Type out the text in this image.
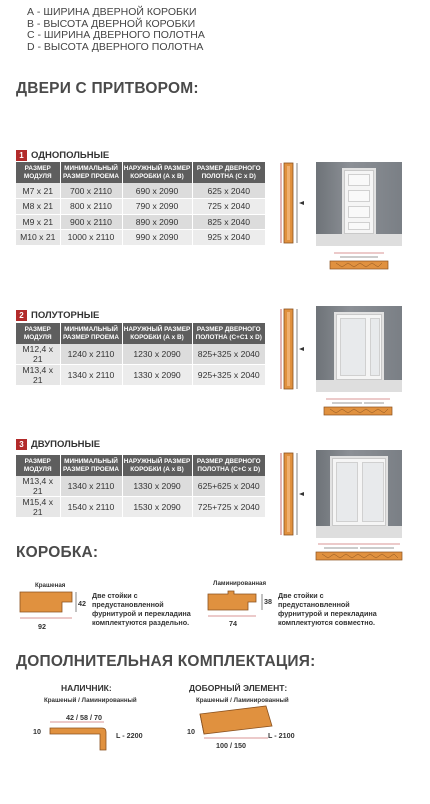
А - ШИРИНА ДВЕРНОЙ КОРОБКИ
В - ВЫСОТА ДВЕРНОЙ КОРОБКИ
С - ШИРИНА ДВЕРНОГО ПОЛОТНА
D - ВЫСОТА ДВЕРНОГО ПОЛОТНА
ДВЕРИ С ПРИТВОРОМ:
1 ОДНОПОЛЬНЫЕ
РАЗМЕР МОДУЛЯ	МИНИМАЛЬНЫЙ РАЗМЕР ПРОЕМА	НАРУЖНЫЙ РАЗМЕР КОРОБКИ (А х В)	РАЗМЕР ДВЕРНОГО ПОЛОТНА (С х D)
M7 x 21	700 x 2110	690 x 2090	625 x 2040
M8 x 21	800 x 2110	790 x 2090	725 x 2040
M9 x 21	900 x 2110	890 x 2090	825 x 2040
M10 x 21	1000 x 2110	990 x 2090	925 x 2040
2 ПОЛУТОРНЫЕ
РАЗМЕР МОДУЛЯ	МИНИМАЛЬНЫЙ РАЗМЕР ПРОЕМА	НАРУЖНЫЙ РАЗМЕР КОРОБКИ (А х В)	РАЗМЕР ДВЕРНОГО ПОЛОТНА (С+С1 х D)
M12,4 x 21	1240 x 2110	1230 x 2090	825+325 x 2040
M13,4 x 21	1340 x 2110	1330 x 2090	925+325 x 2040
3 ДВУПОЛЬНЫЕ
РАЗМЕР МОДУЛЯ	МИНИМАЛЬНЫЙ РАЗМЕР ПРОЕМА	НАРУЖНЫЙ РАЗМЕР КОРОБКИ (А х В)	РАЗМЕР ДВЕРНОГО ПОЛОТНА (С+С х D)
M13,4 x 21	1340 x 2110	1330 x 2090	625+625 x 2040
M15,4 x 21	1540 x 2110	1530 x 2090	725+725 x 2040
КОРОБКА:
Крашеная
42
92
Две стойки с предустановленной фурнитурой и перекладина комплектуются раздельно.
Ламинированная
38
74
Две стойки с предустановленной фурнитурой и перекладина комплектуются совместно.
ДОПОЛНИТЕЛЬНАЯ КОМПЛЕКТАЦИЯ:
НАЛИЧНИК:
Крашеный / Ламинированный
42 / 58 / 70
10	L - 2200
ДОБОРНЫЙ ЭЛЕМЕНТ:
Крашеный / Ламинированный
10
100 / 150
L - 2100
